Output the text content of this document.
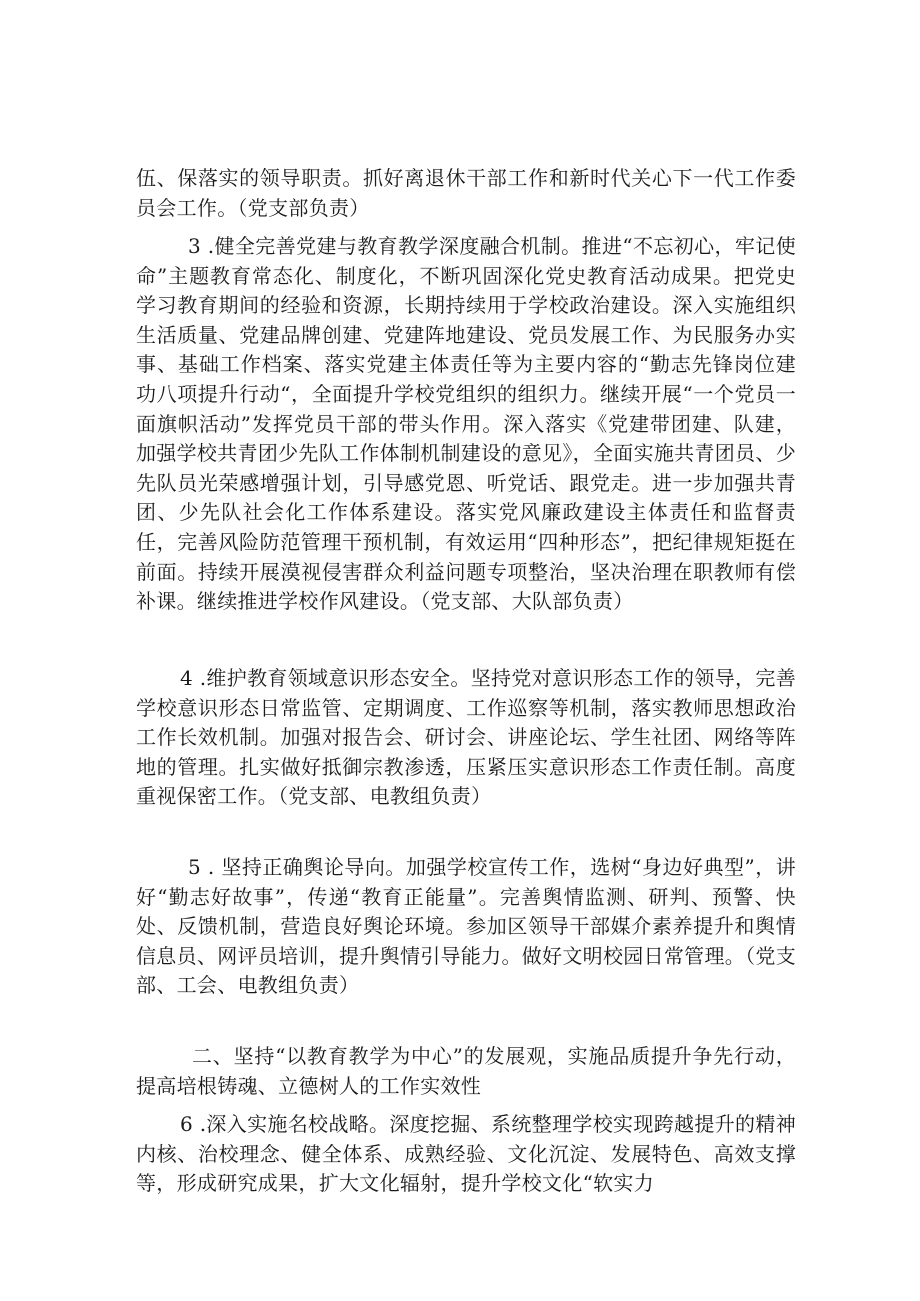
伍、保落实的领导职责。抓好离退休干部工作和新时代关心下一代工作委员会工作。（党支部负责）

3 .健全完善党建与教育教学深度融合机制。推进“不忘初心，牢记使命”主题教育常态化、制度化，不断巩固深化党史教育活动成果。把党史学习教育期间的经验和资源，长期持续用于学校政治建设。深入实施组织生活质量、党建品牌创建、党建阵地建设、党员发展工作、为民服务办实事、基础工作档案、落实党建主体责任等为主要内容的“勤志先锋岗位建功八项提升行动“，全面提升学校党组织的组织力。继续开展“一个党员一面旗帜活动”发挥党员干部的带头作用。深入落实《党建带团建、队建，加强学校共青团少先队工作体制机制建设的意见》，全面实施共青团员、少先队员光荣感增强计划，引导感党恩、听党话、跟党走。进一步加强共青团、少先队社会化工作体系建设。落实党风廉政建设主体责任和监督责任，完善风险防范管理干预机制，有效运用“四种形态”，把纪律规矩挺在前面。持续开展漠视侵害群众利益问题专项整治，坚决治理在职教师有偿补课。继续推进学校作风建设。（党支部、大队部负责）

4 .维护教育领域意识形态安全。坚持党对意识形态工作的领导，完善学校意识形态日常监管、定期调度、工作巡察等机制，落实教师思想政治工作长效机制。加强对报告会、研讨会、讲座论坛、学生社团、网络等阵地的管理。扎实做好抵御宗教渗透，压紧压实意识形态工作责任制。高度重视保密工作。（党支部、电教组负责）

5 . 坚持正确舆论导向。加强学校宣传工作，选树“身边好典型”，讲好“勤志好故事”，传递“教育正能量”。完善舆情监测、研判、预警、快处、反馈机制，营造良好舆论环境。参加区领导干部媒介素养提升和舆情信息员、网评员培训，提升舆情引导能力。做好文明校园日常管理。（党支部、工会、电教组负责）

二、坚持“以教育教学为中心”的发展观，实施品质提升争先行动，提高培根铸魂、立德树人的工作实效性

6 .深入实施名校战略。深度挖掘、系统整理学校实现跨越提升的精神内核、治校理念、健全体系、成熟经验、文化沉淀、发展特色、高效支撑等，形成研究成果，扩大文化辐射，提升学校文化“软实力
